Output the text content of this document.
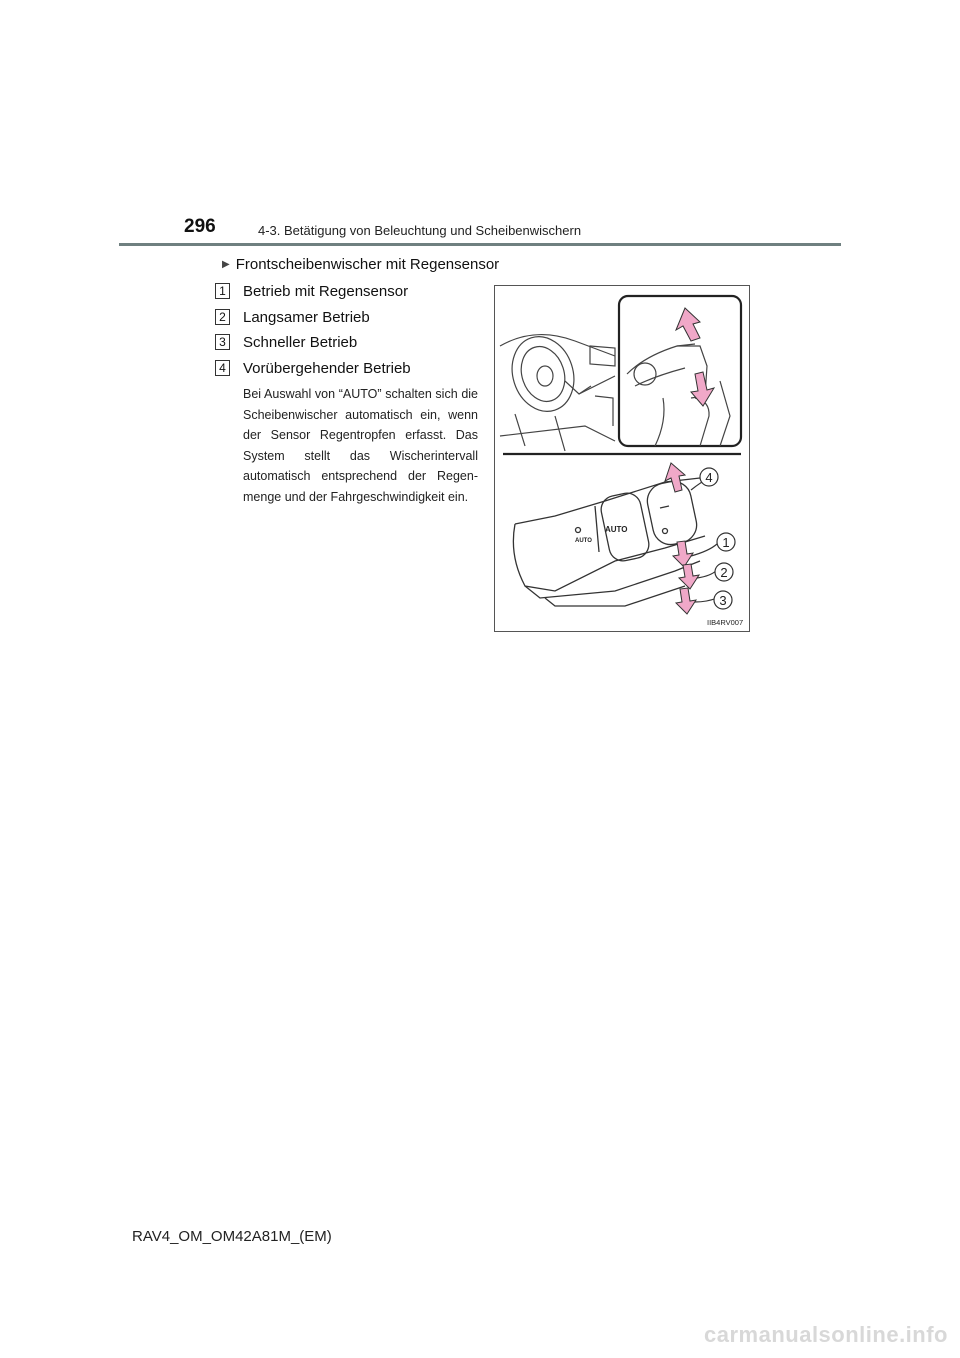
296	4-3. Betätigung von Beleuchtung und Scheibenwischern
▶ Frontscheibenwischer mit Regensensor
1 Betrieb mit Regensensor
2 Langsamer Betrieb
3 Schneller Betrieb
4 Vorübergehender Betrieb
Bei Auswahl von “AUTO” schalten sich die Scheibenwischer automatisch ein, wenn der Sensor Regentropfen erfasst. Das System stellt das Wischerintervall automatisch entsprechend der Regen-menge und der Fahrgeschwindigkeit ein.
AUTO
AUTO
4
1
2
3
IIB4RV007
RAV4_OM_OM42A81M_(EM)
carmanualsonline.info
